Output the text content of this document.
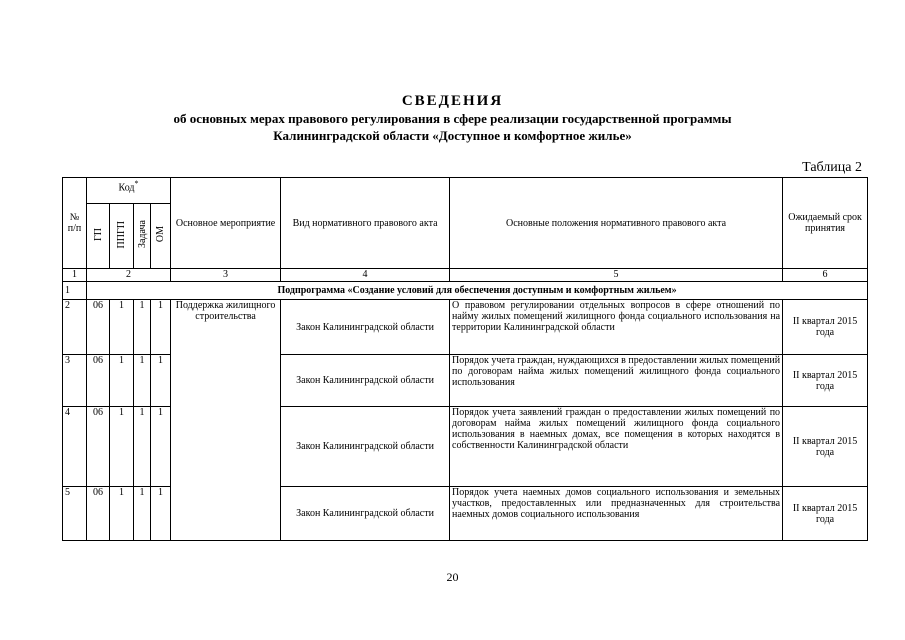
СВЕДЕНИЯ
об основных мерах правового регулирования в сфере реализации государственной программы
Калининградской области «Доступное и комфортное жилье»
Таблица 2
№ п/п	Код*				Основное мероприятие	Вид нормативного правового акта	Основные положения нормативного правового акта	Ожидаемый срок принятия
	ГП	ППГП	Задача	ОМ				
1	2				3	4	5	6
1	Подпрограмма «Создание условий для обеспечения доступным и комфортным жильем»							
2	06	1	1	1	Поддержка жилищного строительства	Закон Калининградской области	О правовом регулировании отдельных вопросов в сфере отношений по найму жилых помещений жилищного фонда социального использования на территории Калининградской области	II квартал 2015 года
3	06	1	1	1		Закон Калининградской области	Порядок учета граждан, нуждающихся в предоставлении жилых помещений по договорам найма жилых помещений жилищного фонда социального использования	II квартал 2015 года
4	06	1	1	1		Закон Калининградской области	Порядок учета заявлений граждан о предоставлении жилых помещений по договорам найма жилых помещений жилищного фонда социального использования в наемных домах, все помещения в которых находятся в собственности Калининградской области	II квартал 2015 года
5	06	1	1	1		Закон Калининградской области	Порядок учета наемных домов социального использования и земельных участков, предоставленных или предназначенных для строительства наемных домов социального использования	II квартал 2015 года
20
